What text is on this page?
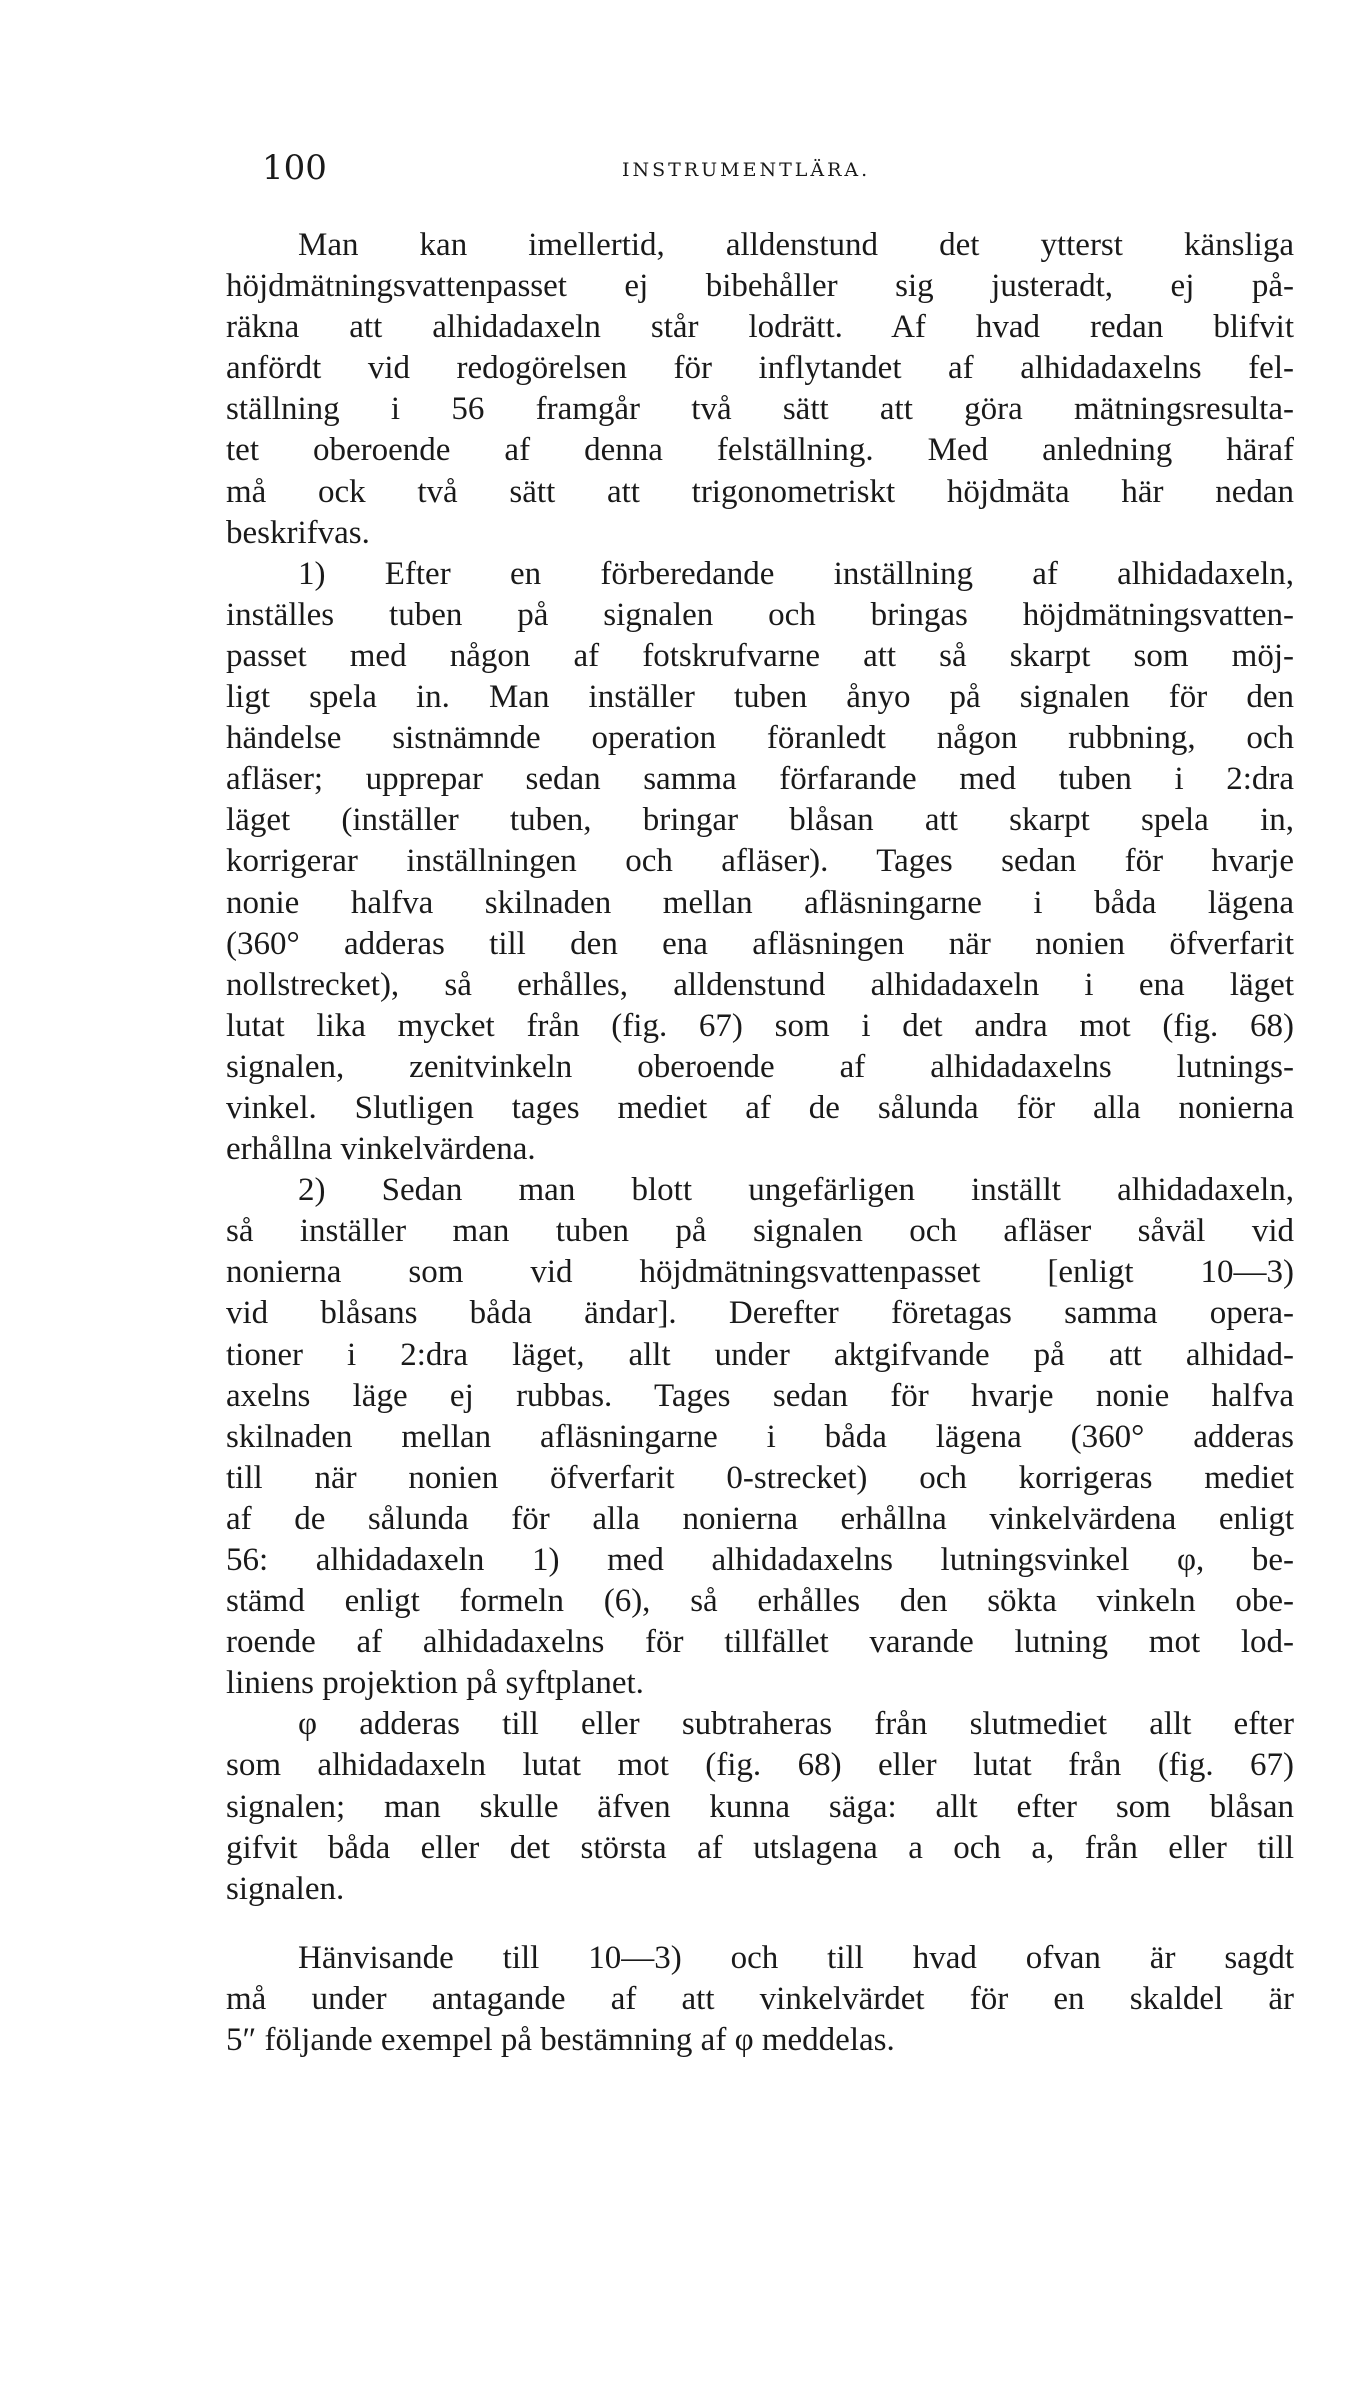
100	INSTRUMENTLÄRA.
Man kan imellertid, alldenstund det ytterst känsliga
höjdmätningsvattenpasset ej bibehåller sig justeradt, ej på-
räkna att alhidadaxeln står lodrätt. Af hvad redan blifvit
anfördt vid redogörelsen för inflytandet af alhidadaxelns fel-
ställning i 56 framgår två sätt att göra mätningsresulta-
tet oberoende af denna felställning. Med anledning häraf
må ock två sätt att trigonometriskt höjdmäta här nedan
beskrifvas.
1) Efter en förberedande inställning af alhidadaxeln,
inställes tuben på signalen och bringas höjdmätningsvatten-
passet med någon af fotskrufvarne att så skarpt som möj-
ligt spela in. Man inställer tuben ånyo på signalen för den
händelse sistnämnde operation föranledt någon rubbning, och
afläser; upprepar sedan samma förfarande med tuben i 2:dra
läget (inställer tuben, bringar blåsan att skarpt spela in,
korrigerar inställningen och afläser). Tages sedan för hvarje
nonie halfva skilnaden mellan afläsningarne i båda lägena
(360° adderas till den ena afläsningen när nonien öfverfarit
nollstrecket), så erhålles, alldenstund alhidadaxeln i ena läget
lutat lika mycket från (fig. 67) som i det andra mot (fig. 68)
signalen, zenitvinkeln oberoende af alhidadaxelns lutnings-
vinkel. Slutligen tages mediet af de sålunda för alla nonierna
erhållna vinkelvärdena.
2) Sedan man blott ungefärligen inställt alhidadaxeln,
så inställer man tuben på signalen och afläser såväl vid
nonierna som vid höjdmätningsvattenpasset [enligt 10—3)
vid blåsans båda ändar]. Derefter företagas samma opera-
tioner i 2:dra läget, allt under aktgifvande på att alhidad-
axelns läge ej rubbas. Tages sedan för hvarje nonie halfva
skilnaden mellan afläsningarne i båda lägena (360° adderas
till när nonien öfverfarit 0-strecket) och korrigeras mediet
af de sålunda för alla nonierna erhållna vinkelvärdena enligt
56: alhidadaxeln 1) med alhidadaxelns lutningsvinkel φ, be-
stämd enligt formeln (6), så erhålles den sökta vinkeln obe-
roende af alhidadaxelns för tillfället varande lutning mot lod-
liniens projektion på syftplanet.
φ adderas till eller subtraheras från slutmediet allt efter
som alhidadaxeln lutat mot (fig. 68) eller lutat från (fig. 67)
signalen; man skulle äfven kunna säga: allt efter som blåsan
gifvit båda eller det största af utslagena a och a, från eller till
signalen.
Hänvisande till 10—3) och till hvad ofvan är sagdt
må under antagande af att vinkelvärdet för en skaldel är
5″ följande exempel på bestämning af φ meddelas.
